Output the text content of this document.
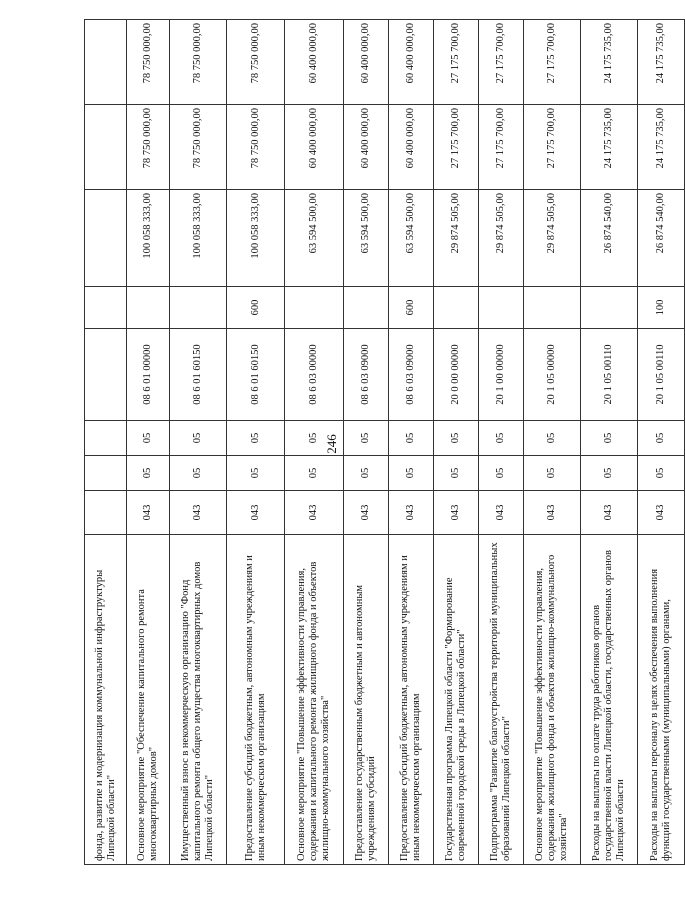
246
фонда, развитие и модернизация коммунальной инфраструктуры Липецкой области"								
Основное мероприятие "Обеспечение капитального ремонта многоквартирных домов"	043	05	05	08 6 01 00000		100 058 333,00	78 750 000,00	78 750 000,00
Имущественный взнос в некоммерческую организацию "Фонд капитального ремонта общего имущества многоквартирных домов Липецкой области"	043	05	05	08 6 01 60150		100 058 333,00	78 750 000,00	78 750 000,00
Предоставление субсидий бюджетным, автономным учреждениям и иным некоммерческим организациям	043	05	05	08 6 01 60150	600	100 058 333,00	78 750 000,00	78 750 000,00
Основное мероприятие "Повышение эффективности управления, содержания и капитального ремонта жилищного фонда и объектов жилищно-коммунального хозяйства"	043	05	05	08 6 03 00000		63 594 500,00	60 400 000,00	60 400 000,00
Предоставление государственным бюджетным и автономным учреждениям субсидий	043	05	05	08 6 03 09000		63 594 500,00	60 400 000,00	60 400 000,00
Предоставление субсидий бюджетным, автономным учреждениям и иным некоммерческим организациям	043	05	05	08 6 03 09000	600	63 594 500,00	60 400 000,00	60 400 000,00
Государственная программа Липецкой области "Формирование современной городской среды в Липецкой области"	043	05	05	20 0 00 00000		29 874 505,00	27 175 700,00	27 175 700,00
Подпрограмма "Развитие благоустройства территорий муниципальных образований Липецкой области"	043	05	05	20 1 00 00000		29 874 505,00	27 175 700,00	27 175 700,00
Основное мероприятие "Повышение эффективности управления, содержания жилищного фонда и объектов жилищно-коммунального хозяйства"	043	05	05	20 1 05 00000		29 874 505,00	27 175 700,00	27 175 700,00
Расходы на выплаты по оплате труда работников органов государственной власти Липецкой области, государственных органов Липецкой области	043	05	05	20 1 05 00110		26 874 540,00	24 175 735,00	24 175 735,00
Расходы на выплаты персоналу в целях обеспечения выполнения функций государственными (муниципальными) органами,	043	05	05	20 1 05 00110	100	26 874 540,00	24 175 735,00	24 175 735,00
